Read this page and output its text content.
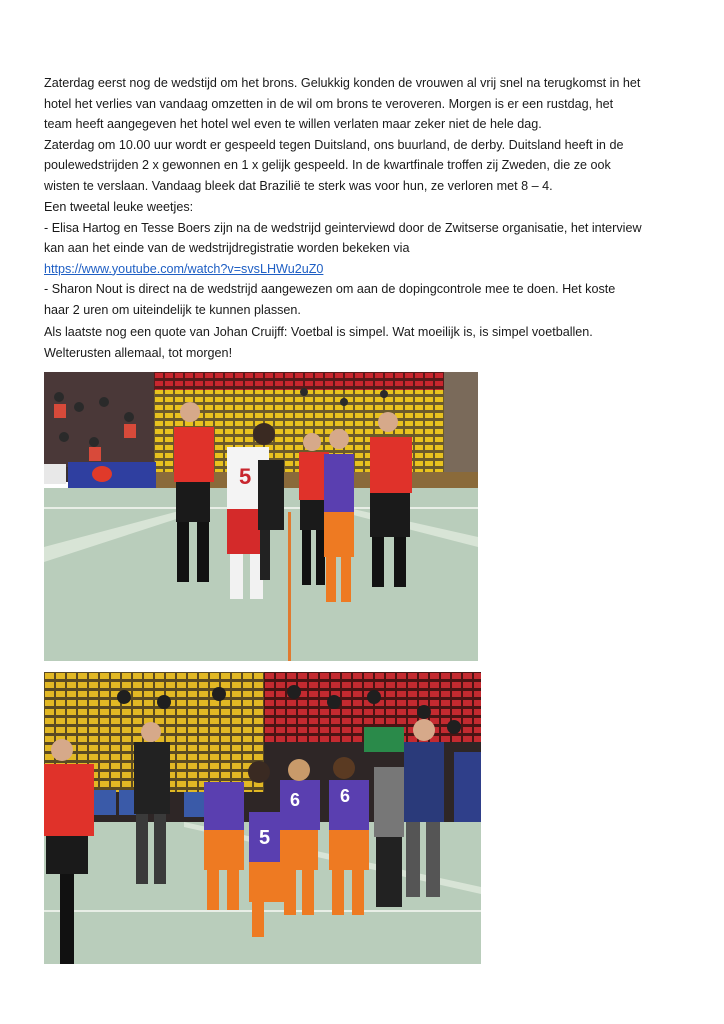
Zaterdag eerst nog de wedstijd om het brons. Gelukkig konden de vrouwen al vrij snel na terugkomst in het

hotel het verlies van vandaag omzetten in de wil om brons te veroveren. Morgen is er een rustdag, het

team heeft aangegeven het hotel wel even te willen verlaten maar zeker niet de hele dag.

Zaterdag om 10.00 uur wordt er gespeeld tegen Duitsland, ons buurland, de derby. Duitsland heeft in de

poulewedstrijden 2 x gewonnen en 1 x gelijk gespeeld. In de kwartfinale troffen zij Zweden, die ze ook

wisten te verslaan. Vandaag bleek dat Brazilië te sterk was voor hun, ze verloren met 8 – 4.

Een tweetal leuke weetjes:

- Elisa Hartog en Tesse Boers zijn na de wedstrijd geinterviewd door de Zwitserse organisatie, het interview

kan aan het einde van de wedstrijdregistratie worden bekeken via

https://www.youtube.com/watch?v=svsLHWu2uZ0

- Sharon Nout is direct na de wedstrijd aangewezen om aan de dopingcontrole mee te doen. Het koste

haar 2 uren om uiteindelijk te kunnen plassen.

Als laatste nog een quote van Johan Cruijff: Voetbal is simpel. Wat moeilijk is, is simpel voetballen.

Welterusten allemaal, tot morgen!

5
5
6 6
